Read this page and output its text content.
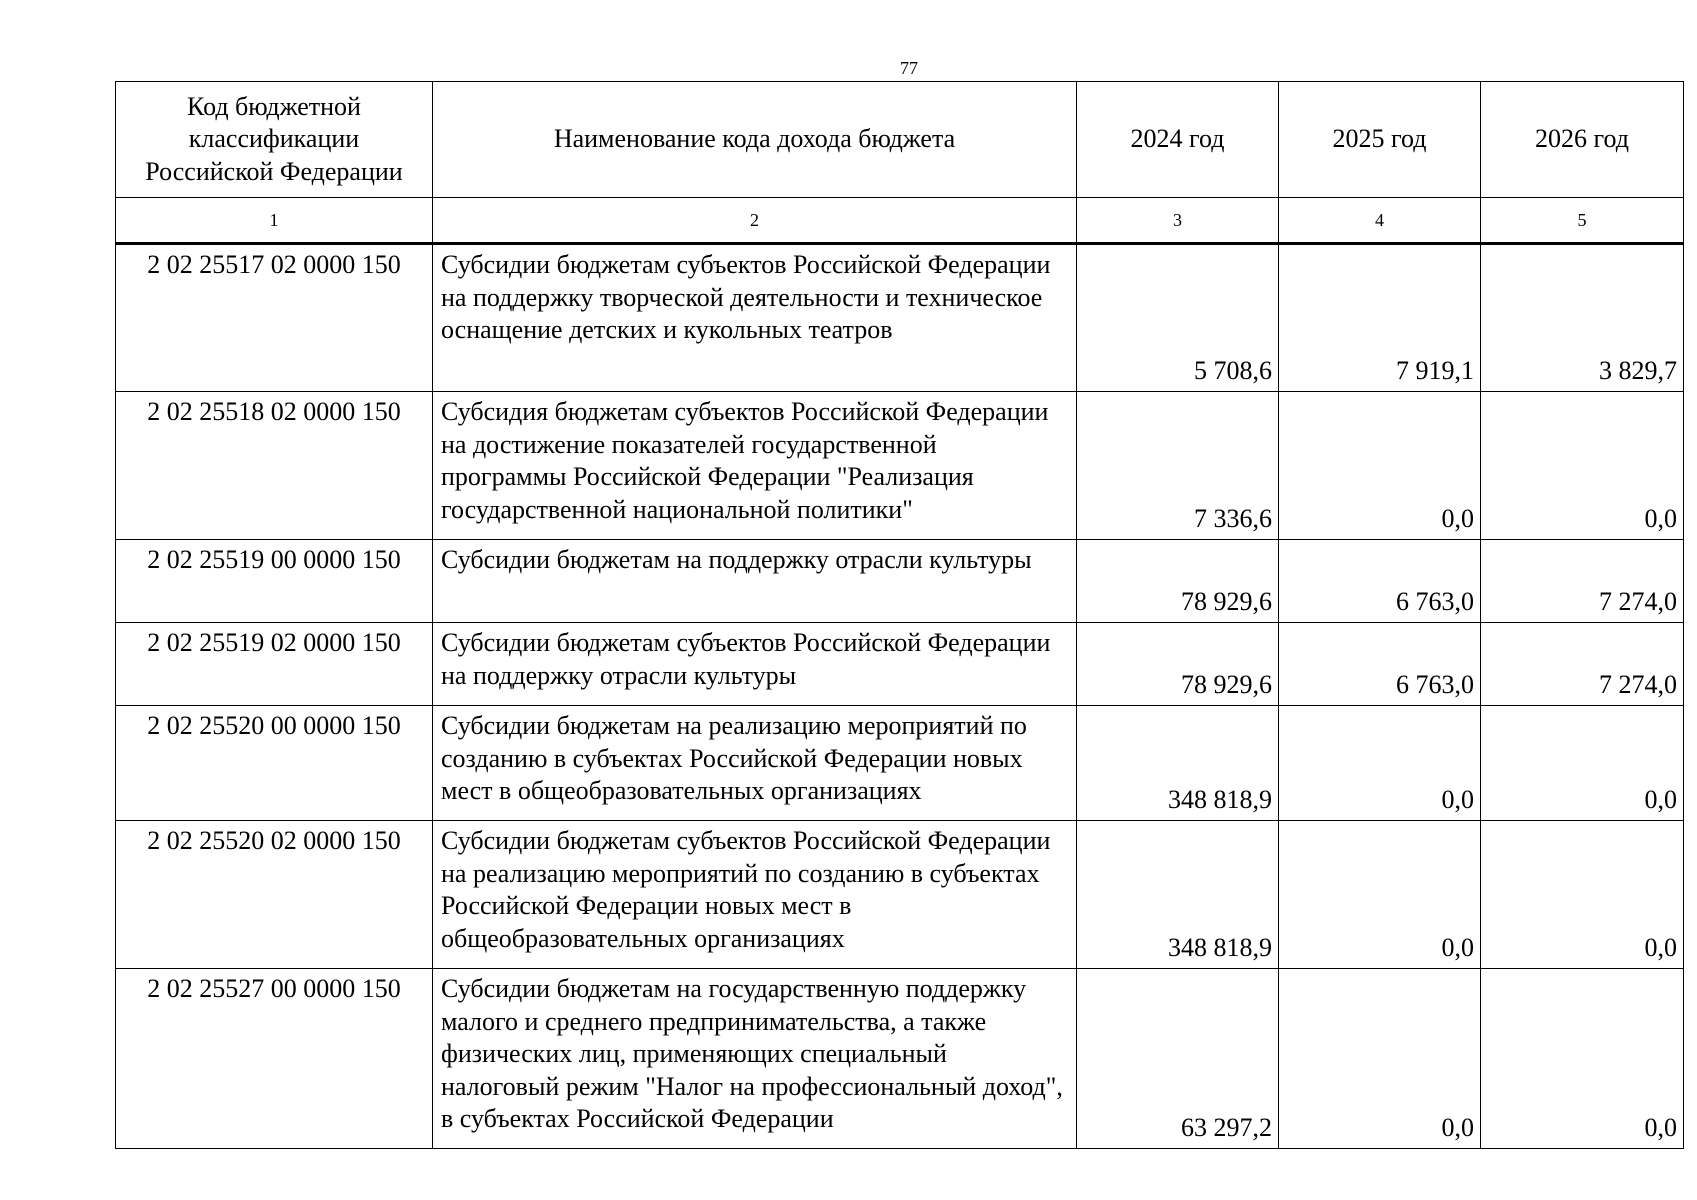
77
Код бюджетной классификации Российской Федерации	Наименование кода дохода бюджета	2024 год	2025 год	2026 год
1	2	3	4	5
2 02 25517 02 0000 150	Субсидии бюджетам субъектов Российской Федерации на поддержку творческой деятельности и техническое оснащение детских и кукольных театров	5 708,6	7 919,1	3 829,7
2 02 25518 02 0000 150	Субсидия бюджетам субъектов Российской Федерации на достижение показателей государственной программы Российской Федерации "Реализация государственной национальной политики"	7 336,6	0,0	0,0
2 02 25519 00 0000 150	Субсидии бюджетам на поддержку отрасли культуры	78 929,6	6 763,0	7 274,0
2 02 25519 02 0000 150	Субсидии бюджетам субъектов Российской Федерации на поддержку отрасли культуры	78 929,6	6 763,0	7 274,0
2 02 25520 00 0000 150	Субсидии бюджетам на реализацию мероприятий по созданию в субъектах Российской Федерации новых мест в общеобразовательных организациях	348 818,9	0,0	0,0
2 02 25520 02 0000 150	Субсидии бюджетам субъектов Российской Федерации на реализацию мероприятий по созданию в субъектах Российской Федерации новых мест в общеобразовательных организациях	348 818,9	0,0	0,0
2 02 25527 00 0000 150	Субсидии бюджетам на государственную поддержку малого и среднего предпринимательства, а также физических лиц, применяющих специальный налоговый режим "Налог на профессиональный доход", в субъектах Российской Федерации	63 297,2	0,0	0,0
